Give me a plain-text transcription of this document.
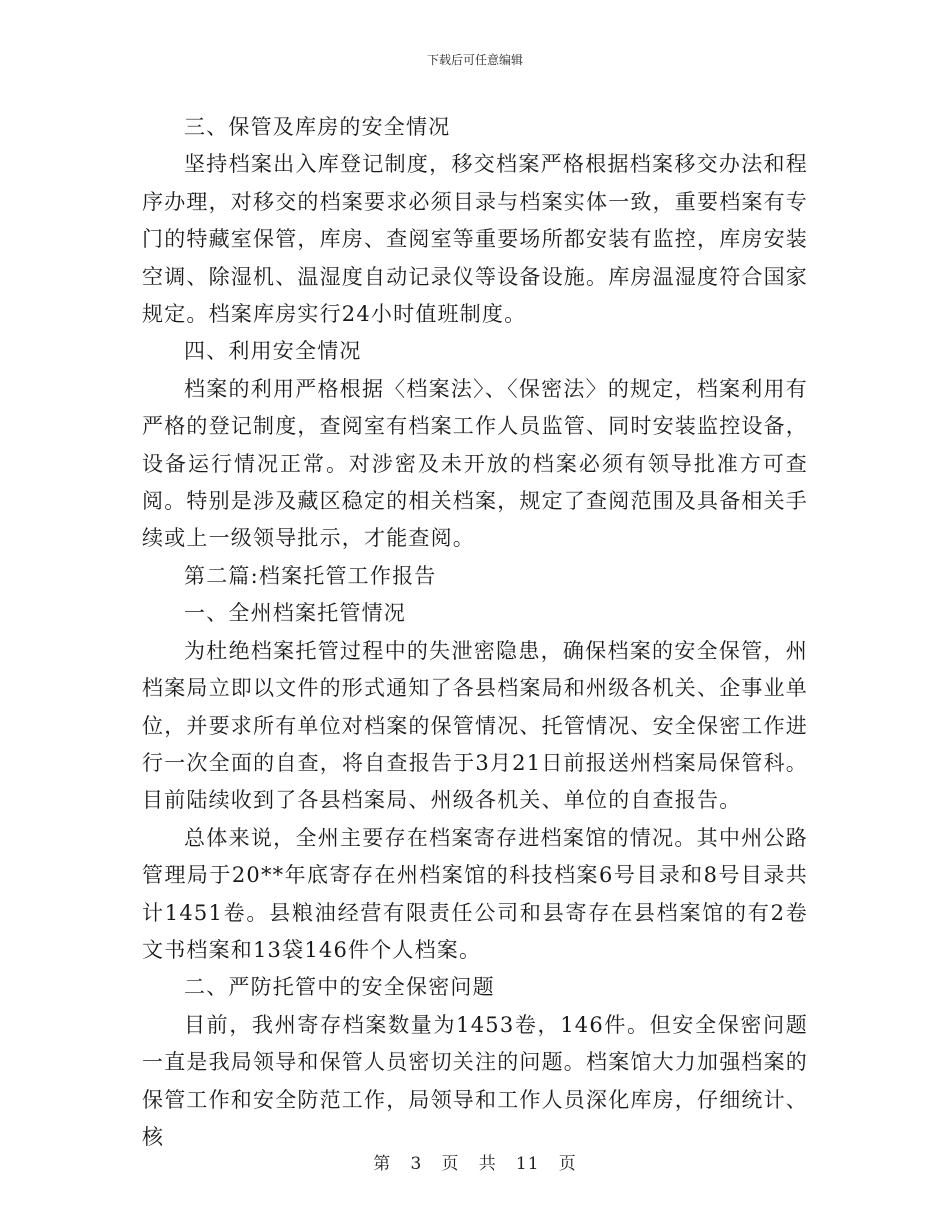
下载后可任意编辑

三、保管及库房的安全情况

坚持档案出入库登记制度，移交档案严格根据档案移交办法和程序办理，对移交的档案要求必须目录与档案实体一致，重要档案有专门的特藏室保管，库房、查阅室等重要场所都安装有监控，库房安装空调、除湿机、温湿度自动记录仪等设备设施。库房温湿度符合国家规定。档案库房实行24小时值班制度。

四、利用安全情况

档案的利用严格根据〈档案法〉、〈保密法〉的规定，档案利用有严格的登记制度，查阅室有档案工作人员监管、同时安装监控设备，设备运行情况正常。对涉密及未开放的档案必须有领导批准方可查阅。特别是涉及藏区稳定的相关档案，规定了查阅范围及具备相关手续或上一级领导批示，才能查阅。

第二篇:档案托管工作报告

一、全州档案托管情况

为杜绝档案托管过程中的失泄密隐患，确保档案的安全保管，州档案局立即以文件的形式通知了各县档案局和州级各机关、企事业单位，并要求所有单位对档案的保管情况、托管情况、安全保密工作进行一次全面的自查，将自查报告于3月21日前报送州档案局保管科。目前陆续收到了各县档案局、州级各机关、单位的自查报告。

总体来说，全州主要存在档案寄存进档案馆的情况。其中州公路管理局于20**年底寄存在州档案馆的科技档案6号目录和8号目录共计1451卷。县粮油经营有限责任公司和县寄存在县档案馆的有2卷文书档案和13袋146件个人档案。

二、严防托管中的安全保密问题

目前，我州寄存档案数量为1453卷，146件。但安全保密问题一直是我局领导和保管人员密切关注的问题。档案馆大力加强档案的保管工作和安全防范工作，局领导和工作人员深化库房，仔细统计、核

第 3 页 共 11 页
